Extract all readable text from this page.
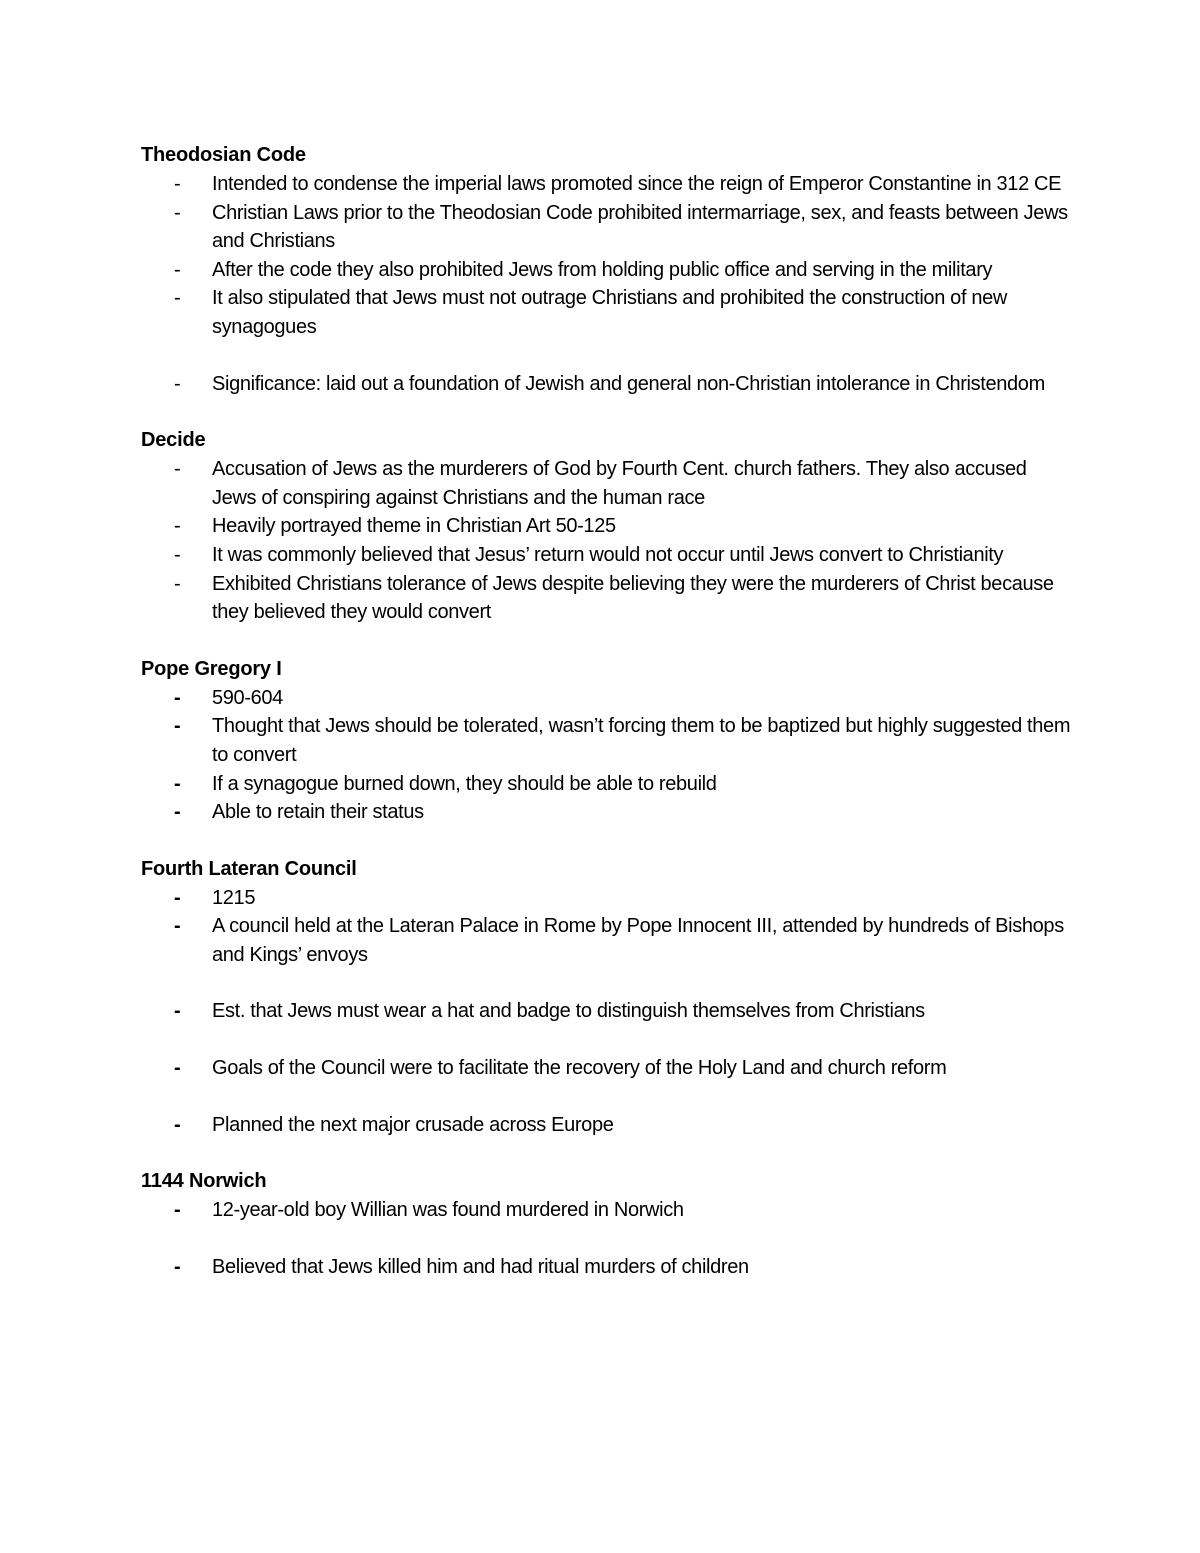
Theodosian Code
-	Intended to condense the imperial laws promoted since the reign of Emperor Constantine in 312 CE
-	Christian Laws prior to the Theodosian Code prohibited intermarriage, sex, and feasts between Jews and Christians
-	After the code they also prohibited Jews from holding public office and serving in the military
-	It also stipulated that Jews must not outrage Christians and prohibited the construction of new synagogues
-	Significance: laid out a foundation of Jewish and general non-Christian intolerance in Christendom
Decide
-	Accusation of Jews as the murderers of God by Fourth Cent. church fathers. They also accused Jews of conspiring against Christians and the human race
-	Heavily portrayed theme in Christian Art 50-125
-	It was commonly believed that Jesus’ return would not occur until Jews convert to Christianity
-	Exhibited Christians tolerance of Jews despite believing they were the murderers of Christ because they believed they would convert
Pope Gregory I
-	590-604
-	Thought that Jews should be tolerated, wasn’t forcing them to be baptized but highly suggested them to convert
-	If a synagogue burned down, they should be able to rebuild
-	Able to retain their status
Fourth Lateran Council
-	1215
-	A council held at the Lateran Palace in Rome by Pope Innocent III, attended by hundreds of Bishops and Kings’ envoys
-	Est. that Jews must wear a hat and badge to distinguish themselves from Christians
-	Goals of the Council were to facilitate the recovery of the Holy Land and church reform
-	Planned the next major crusade across Europe
1144 Norwich
-	12-year-old boy Willian was found murdered in Norwich
-	Believed that Jews killed him and had ritual murders of children
